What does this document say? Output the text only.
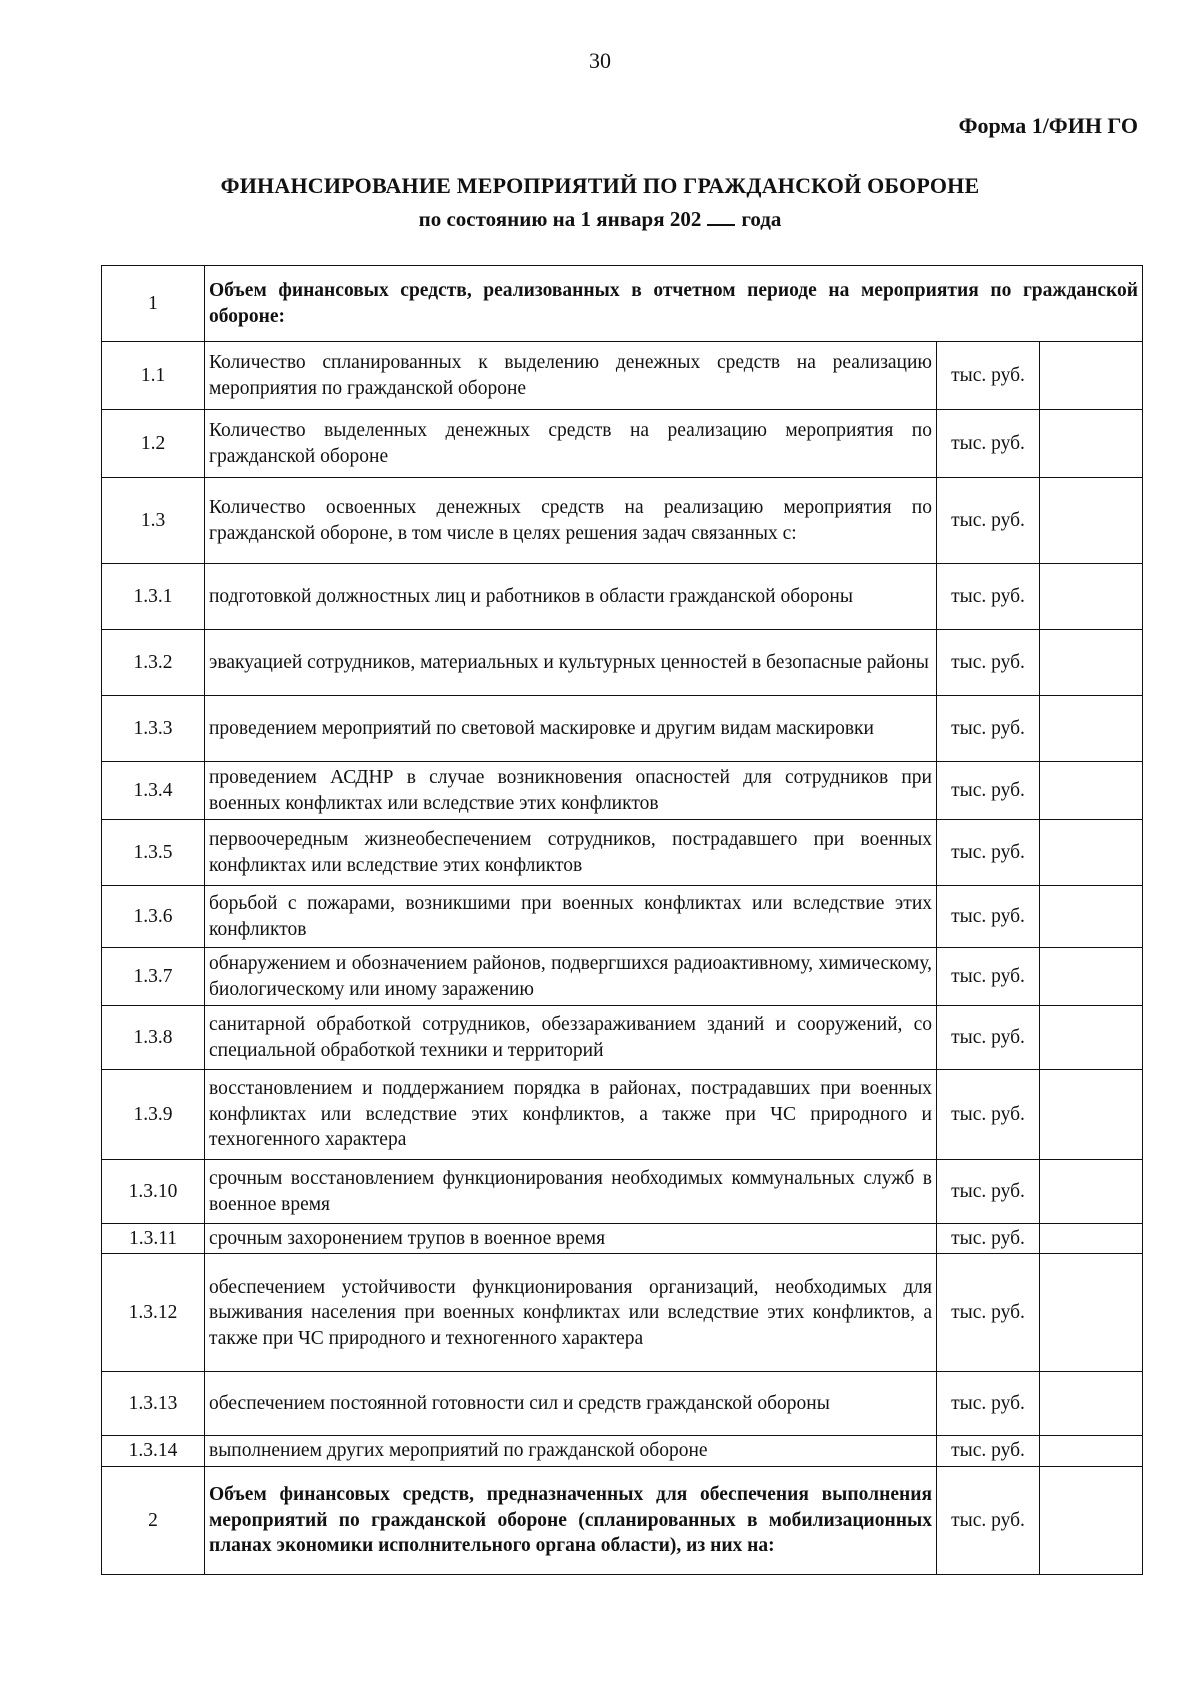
30
Форма 1/ФИН ГО
ФИНАНСИРОВАНИЕ МЕРОПРИЯТИЙ ПО ГРАЖДАНСКОЙ ОБОРОНЕ
по состоянию на 1 января 202 года
1	Объем финансовых средств, реализованных в отчетном периоде на мероприятия по гражданской обороне:		
1.1	Количество спланированных к выделению денежных средств на реализацию мероприятия по гражданской обороне	тыс. руб.	
1.2	Количество выделенных денежных средств на реализацию мероприятия по гражданской обороне	тыс. руб.	
1.3	Количество освоенных денежных средств на реализацию мероприятия по гражданской обороне, в том числе в целях решения задач связанных с:	тыс. руб.	
1.3.1	подготовкой должностных лиц и работников в области гражданской обороны	тыс. руб.	
1.3.2	эвакуацией сотрудников, материальных и культурных ценностей в безопасные районы	тыс. руб.	
1.3.3	проведением мероприятий по световой маскировке и другим видам маскировки	тыс. руб.	
1.3.4	проведением АСДНР в случае возникновения опасностей для сотрудников при военных конфликтах или вследствие этих конфликтов	тыс. руб.	
1.3.5	первоочередным жизнеобеспечением сотрудников, пострадавшего при военных конфликтах или вследствие этих конфликтов	тыс. руб.	
1.3.6	борьбой с пожарами, возникшими при военных конфликтах или вследствие этих конфликтов	тыс. руб.	
1.3.7	обнаружением и обозначением районов, подвергшихся радиоактивному, химическому, биологическому или иному заражению	тыс. руб.	
1.3.8	санитарной обработкой сотрудников, обеззараживанием зданий и сооружений, со специальной обработкой техники и территорий	тыс. руб.	
1.3.9	восстановлением и поддержанием порядка в районах, пострадавших при военных конфликтах или вследствие этих конфликтов, а также при ЧС природного и техногенного характера	тыс. руб.	
1.3.10	срочным восстановлением функционирования необходимых коммунальных служб в военное время	тыс. руб.	
1.3.11	срочным захоронением трупов в военное время	тыс. руб.	
1.3.12	обеспечением устойчивости функционирования организаций, необходимых для выживания населения при военных конфликтах или вследствие этих конфликтов, а также при ЧС природного и техногенного характера	тыс. руб.	
1.3.13	обеспечением постоянной готовности сил и средств гражданской обороны	тыс. руб.	
1.3.14	выполнением других мероприятий по гражданской обороне	тыс. руб.	
2	Объем финансовых средств, предназначенных для обеспечения выполнения мероприятий по гражданской обороне (спланированных в мобилизационных планах экономики исполнительного органа области), из них на:	тыс. руб.	
